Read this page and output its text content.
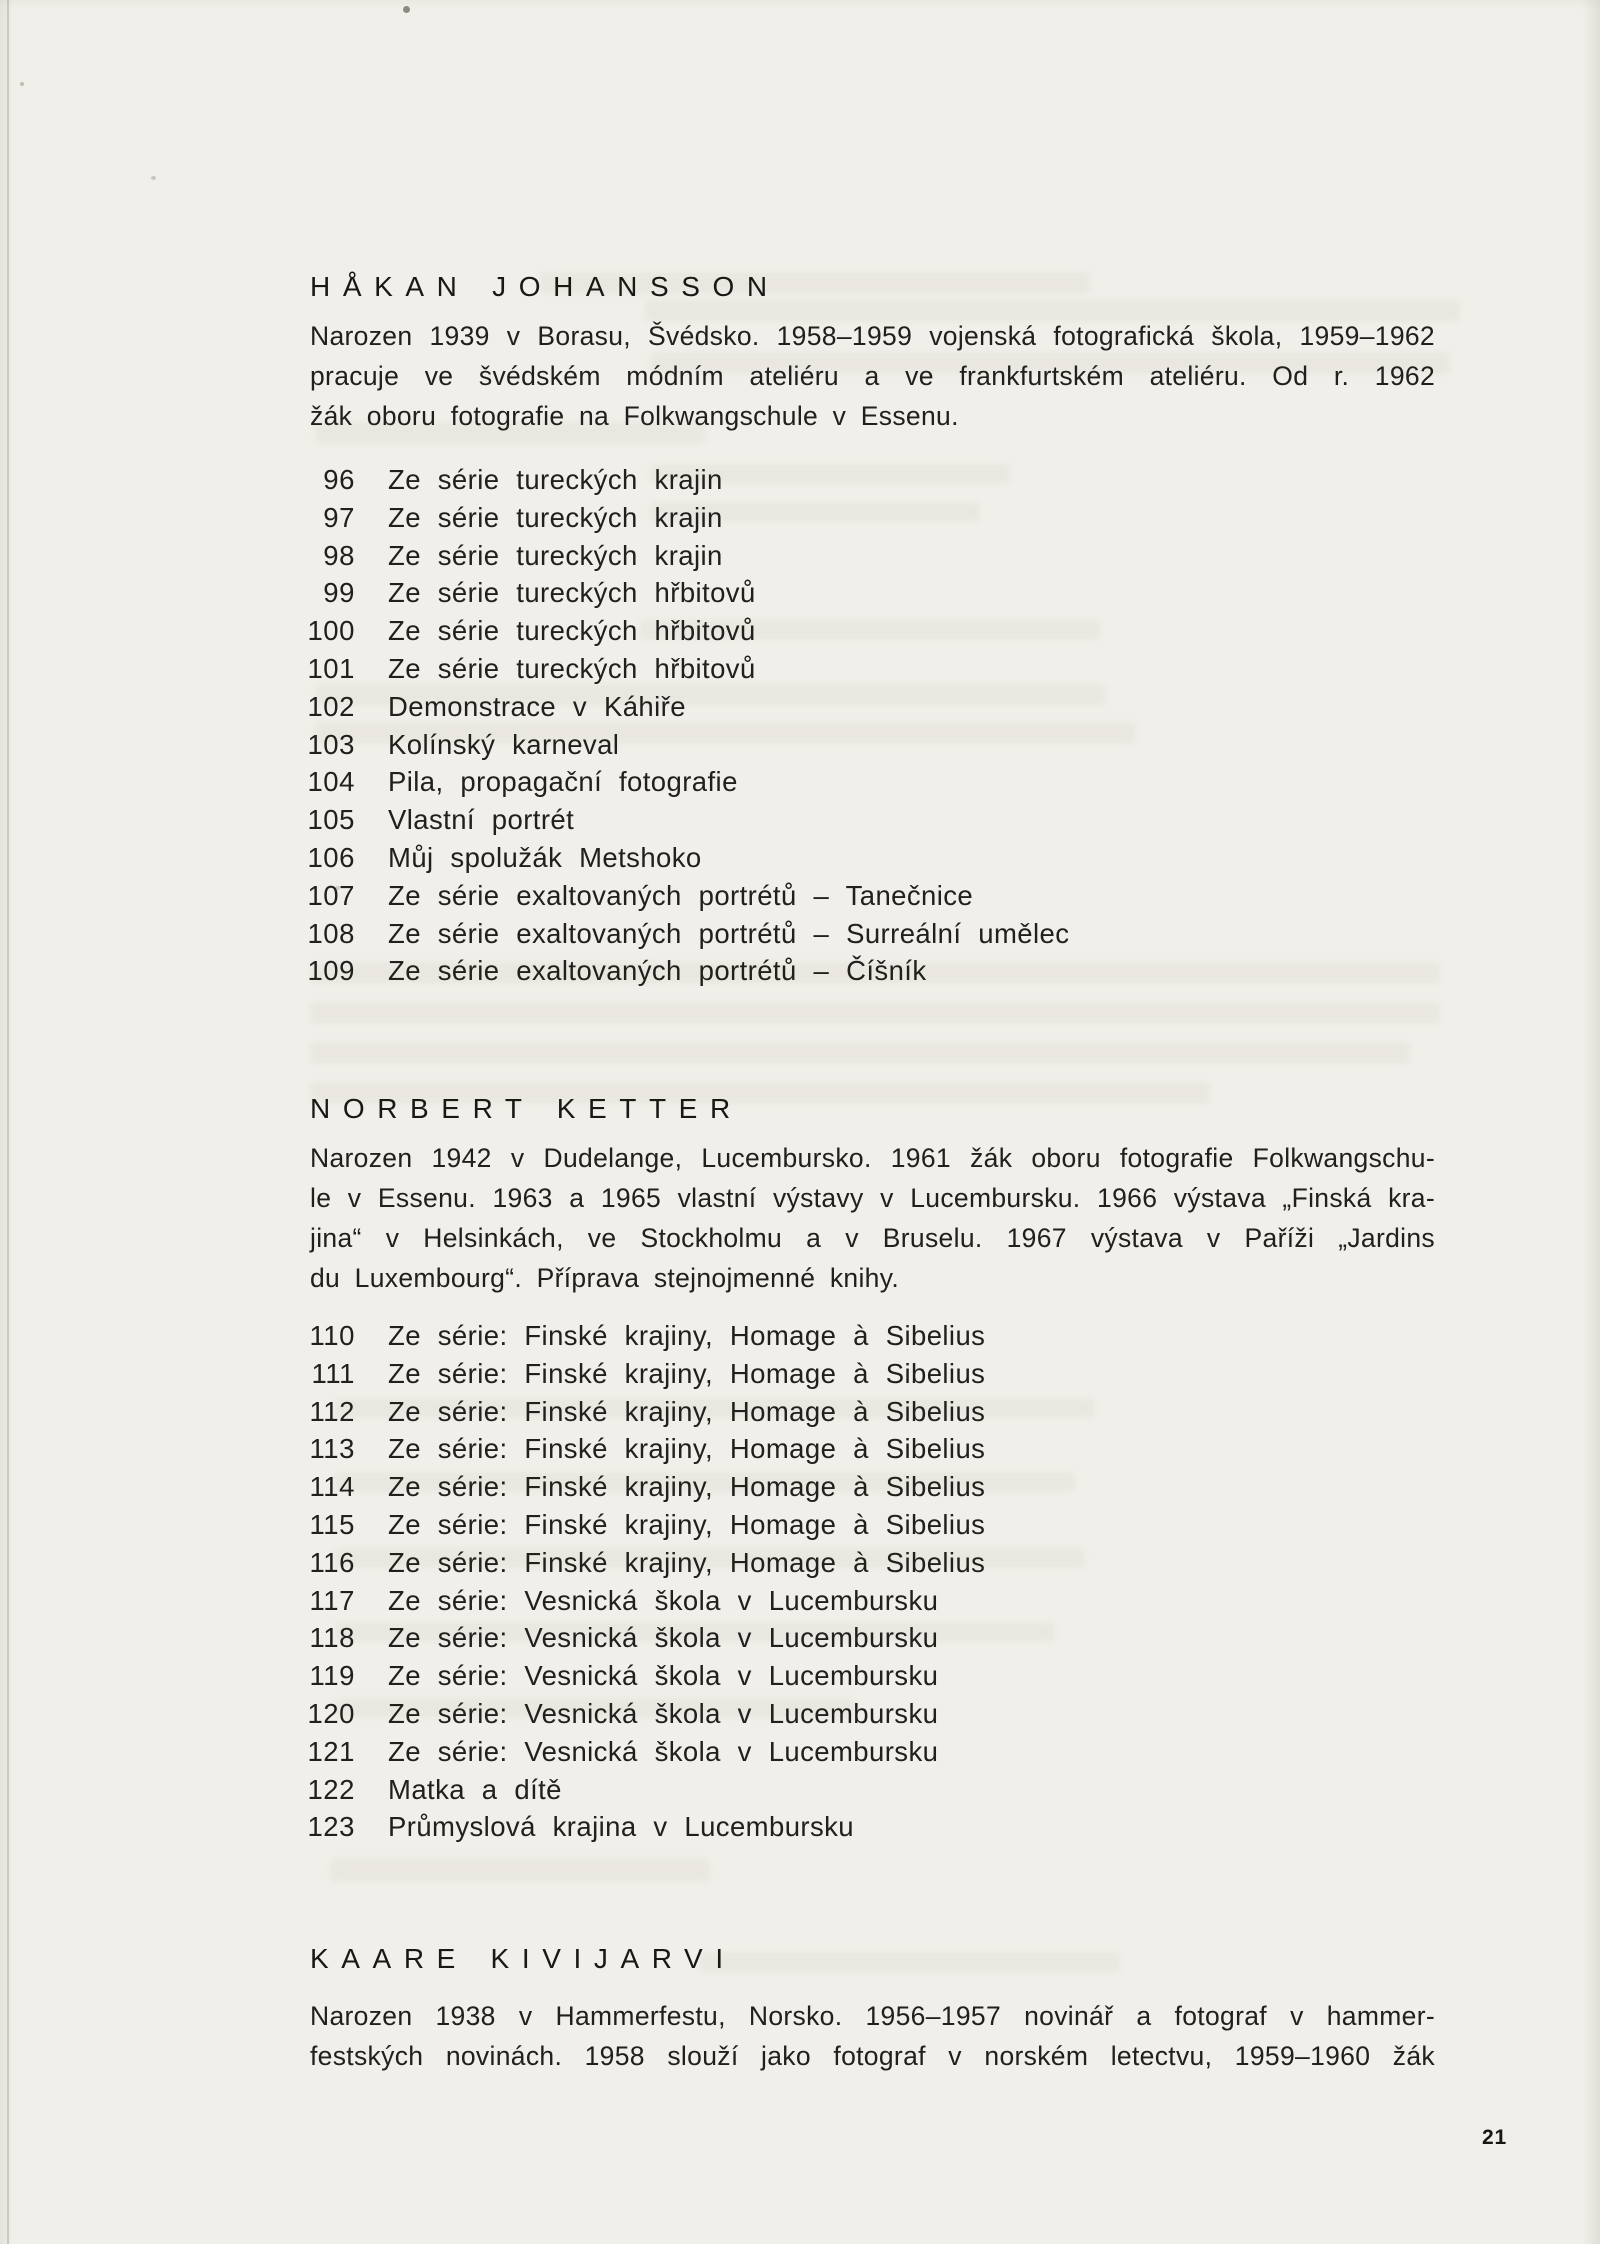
HÅKAN JOHANSSON
Narozen 1939 v Borasu, Švédsko. 1958–1959 vojenská fotografická škola, 1959–1962
pracuje ve švédském módním ateliéru a ve frankfurtském ateliéru. Od r. 1962
žák oboru fotografie na Folkwangschule v Essenu.
96 Ze série tureckých krajin
97 Ze série tureckých krajin
98 Ze série tureckých krajin
99 Ze série tureckých hřbitovů
100 Ze série tureckých hřbitovů
101 Ze série tureckých hřbitovů
102 Demonstrace v Káhiře
103 Kolínský karneval
104 Pila, propagační fotografie
105 Vlastní portrét
106 Můj spolužák Metshoko
107 Ze série exaltovaných portrétů – Tanečnice
108 Ze série exaltovaných portrétů – Surreální umělec
109 Ze série exaltovaných portrétů – Číšník
NORBERT KETTER
Narozen 1942 v Dudelange, Lucembursko. 1961 žák oboru fotografie Folkwangschu-
le v Essenu. 1963 a 1965 vlastní výstavy v Lucembursku. 1966 výstava „Finská kra-
jina“ v Helsinkách, ve Stockholmu a v Bruselu. 1967 výstava v Paříži „Jardins
du Luxembourg“. Příprava stejnojmenné knihy.
110 Ze série: Finské krajiny, Homage à Sibelius
111 Ze série: Finské krajiny, Homage à Sibelius
112 Ze série: Finské krajiny, Homage à Sibelius
113 Ze série: Finské krajiny, Homage à Sibelius
114 Ze série: Finské krajiny, Homage à Sibelius
115 Ze série: Finské krajiny, Homage à Sibelius
116 Ze série: Finské krajiny, Homage à Sibelius
117 Ze série: Vesnická škola v Lucembursku
118 Ze série: Vesnická škola v Lucembursku
119 Ze série: Vesnická škola v Lucembursku
120 Ze série: Vesnická škola v Lucembursku
121 Ze série: Vesnická škola v Lucembursku
122 Matka a dítě
123 Průmyslová krajina v Lucembursku
KAARE KIVIJARVI
Narozen 1938 v Hammerfestu, Norsko. 1956–1957 novinář a fotograf v hammer-
festských novinách. 1958 slouží jako fotograf v norském letectvu, 1959–1960 žák
21
